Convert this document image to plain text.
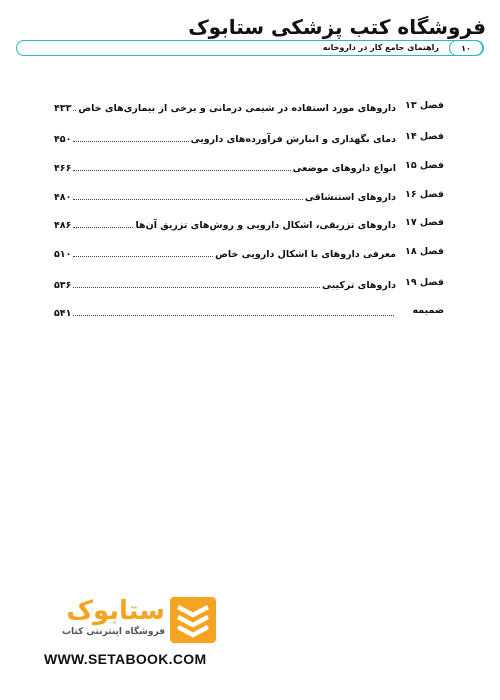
فروشگاه کتب پزشکی ستابوک
۱۰
راهنمای جامع کار در داروخانه
فصل ۱۳
۴۳۳ داروهای مورد استفاده در شیمی درمانی و برخی از بیماری‌های خاص
فصل ۱۴
۴۵۰	دمای نگهداری و انبارش فرآورده‌های دارویی
فصل ۱۵
۴۶۶	انواع داروهای موضعی
فصل ۱۶
۴۸۰	داروهای استنشاقی
فصل ۱۷
۴۸۶	داروهای تزریقی، اشکال دارویی و روش‌های تزریق آن‌ها
فصل ۱۸
۵۱۰	معرفی داروهای با اشکال دارویی خاص
فصل ۱۹
۵۳۶	داروهای ترکیبی
ضمیمه
۵۴۱
ستابوک
فروشگاه اینترنتی کتاب
WWW.SETABOOK.COM
